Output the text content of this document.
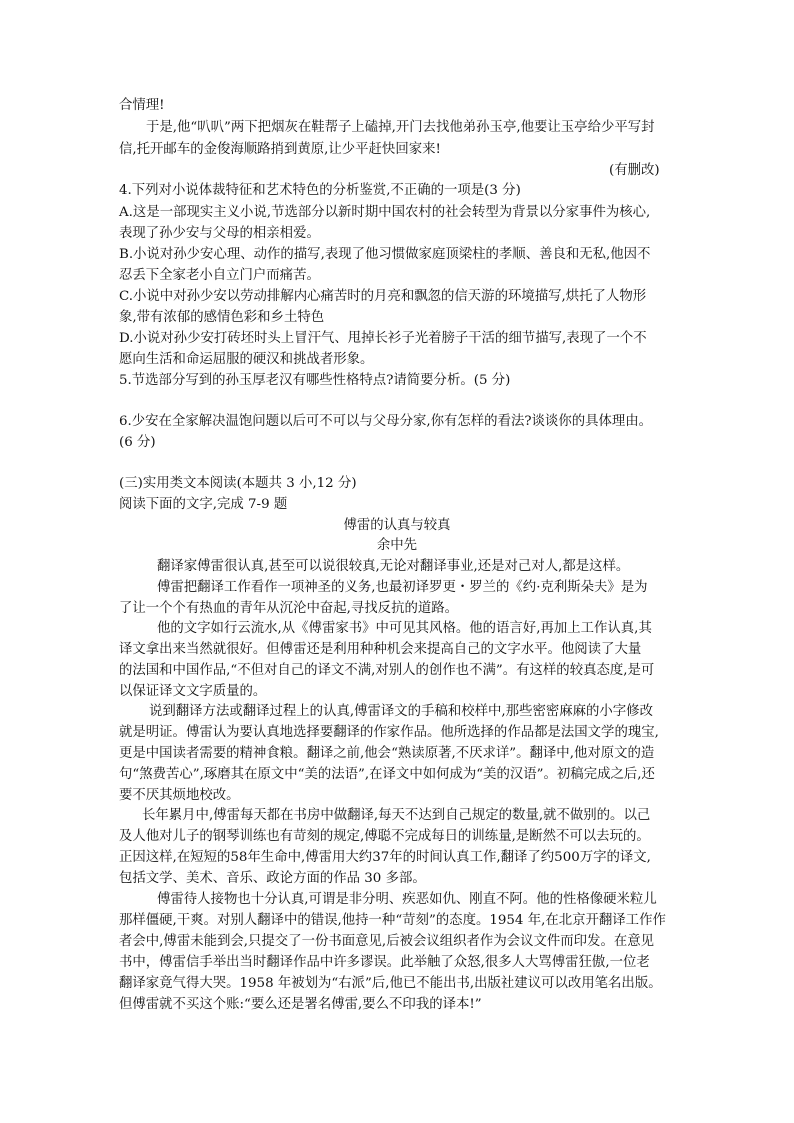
合情理!
于是,他“叭叭”两下把烟灰在鞋帮子上磕掉,开门去找他弟孙玉亭,他要让玉亭给少平写封
信,托开邮车的金俊海顺路捎到黄原,让少平赶快回家来!
(有删改)
4.下列对小说体裁特征和艺术特色的分析鉴赏,不正确的一项是(3 分)
A.这是一部现实主义小说,节选部分以新时期中国农村的社会转型为背景以分家事件为核心,
表现了孙少安与父母的相亲相爱。
B.小说对孙少安心理、动作的描写,表现了他习惯做家庭顶梁柱的孝顺、善良和无私,他因不
忍丢下全家老小自立门户而痛苦。
C.小说中对孙少安以劳动排解内心痛苦时的月亮和飘忽的信天游的环境描写,烘托了人物形
象,带有浓郁的感情色彩和乡土特色
D.小说对孙少安打砖坯时头上冒汗气、甩掉长衫子光着膀子干活的细节描写,表现了一个不
愿向生活和命运屈服的硬汉和挑战者形象。
5.节选部分写到的孙玉厚老汉有哪些性格特点?请简要分析。(5 分)
6.少安在全家解决温饱问题以后可不可以与父母分家,你有怎样的看法?谈谈你的具体理由。
(6 分)
(三)实用类文本阅读(本题共 3 小,12 分)
阅读下面的文字,完成 7-9 题
傅雷的认真与较真
余中先
翻译家傅雷很认真,甚至可以说很较真,无论对翻译事业,还是对己对人,都是这样。
傅雷把翻译工作看作一项神圣的义务,也最初译罗更・罗兰的《约·克利斯朵夫》是为
了让一个个有热血的青年从沉沦中奋起,寻找反抗的道路。
他的文字如行云流水,从《傅雷家书》中可见其风格。他的语言好,再加上工作认真,其
译文拿出来当然就很好。但傅雷还是利用种种机会来提高自己的文字水平。他阅读了大量
的法国和中国作品,“不但对自己的译文不满,对别人的创作也不满”。有这样的较真态度,是可
以保证译文文字质量的。
说到翻译方法或翻译过程上的认真,傅雷译文的手稿和校样中,那些密密麻麻的小字修改
就是明证。傅雷认为要认真地选择要翻译的作家作品。他所选择的作品都是法国文学的瑰宝,
更是中国读者需要的精神食粮。翻译之前,他会“熟读原著,不厌求详”。翻译中,他对原文的造
句“煞费苦心”,琢磨其在原文中“美的法语”,在译文中如何成为“美的汉语”。初稿完成之后,还
要不厌其烦地校改。
长年累月中,傅雷每天都在书房中做翻译,每天不达到自己规定的数量,就不做别的。以己
及人他对儿子的钢琴训练也有苛刻的规定,傅聪不完成每日的训练量,是断然不可以去玩的。
正因这样,在短短的58年生命中,傅雷用大约37年的时间认真工作,翻译了约500万字的译文,
包括文学、美术、音乐、政论方面的作品 30 多部。
傅雷待人接物也十分认真,可谓是非分明、疾恶如仇、刚直不阿。他的性格像硬米粒儿
那样僵硬,干爽。对别人翻译中的错误,他持一种“苛刻”的态度。1954 年,在北京开翻译工作作
者会中,傅雷未能到会,只提交了一份书面意见,后被会议组织者作为会议文件而印发。在意见
书中，傅雷信手举出当时翻译作品中许多谬误。此举触了众怒,很多人大骂傅雷狂傲,一位老
翻译家竟气得大哭。1958 年被划为“右派”后,他已不能出书,出版社建议可以改用笔名出版。
但傅雷就不买这个账:“要么还是署名傅雷,要么不印我的译本!”
